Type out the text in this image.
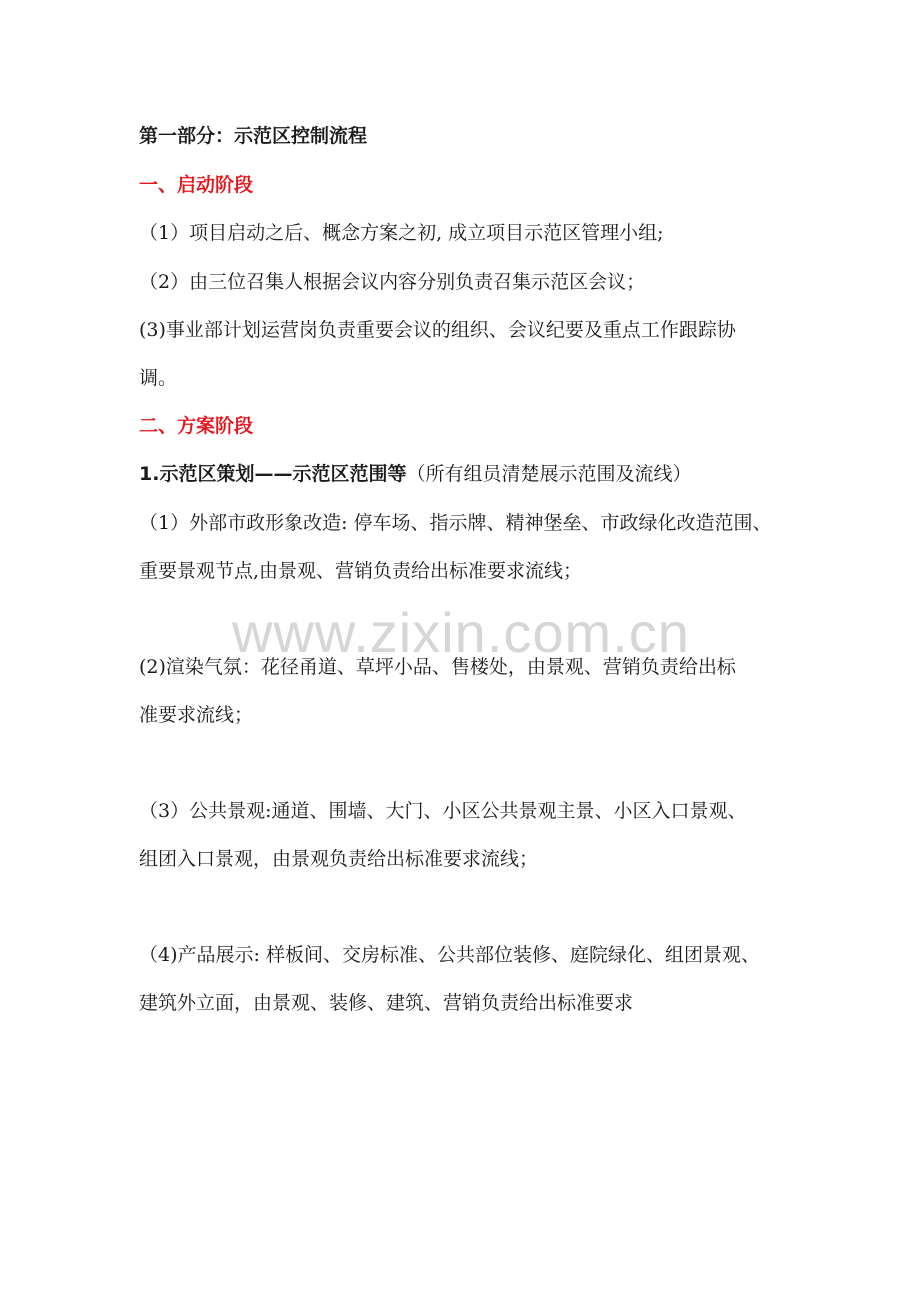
第一部分：示范区控制流程
一、启动阶段
（1）项目启动之后、概念方案之初, 成立项目示范区管理小组;
（2）由三位召集人根据会议内容分别负责召集示范区会议；
(3)事业部计划运营岗负责重要会议的组织、会议纪要及重点工作跟踪协
调。
二、方案阶段
1.示范区策划——示范区范围等（所有组员清楚展示范围及流线）
（1）外部市政形象改造: 停车场、指示牌、精神堡垒、市政绿化改造范围、
重要景观节点,由景观、营销负责给出标准要求流线；
www.zixin.com.cn
(2)渲染气氛：花径甬道、草坪小品、售楼处，由景观、营销负责给出标
准要求流线；
（3）公共景观:通道、围墙、大门、小区公共景观主景、小区入口景观、
组团入口景观，由景观负责给出标准要求流线；
（4)产品展示: 样板间、交房标准、公共部位装修、庭院绿化、组团景观、
建筑外立面，由景观、装修、建筑、营销负责给出标准要求
